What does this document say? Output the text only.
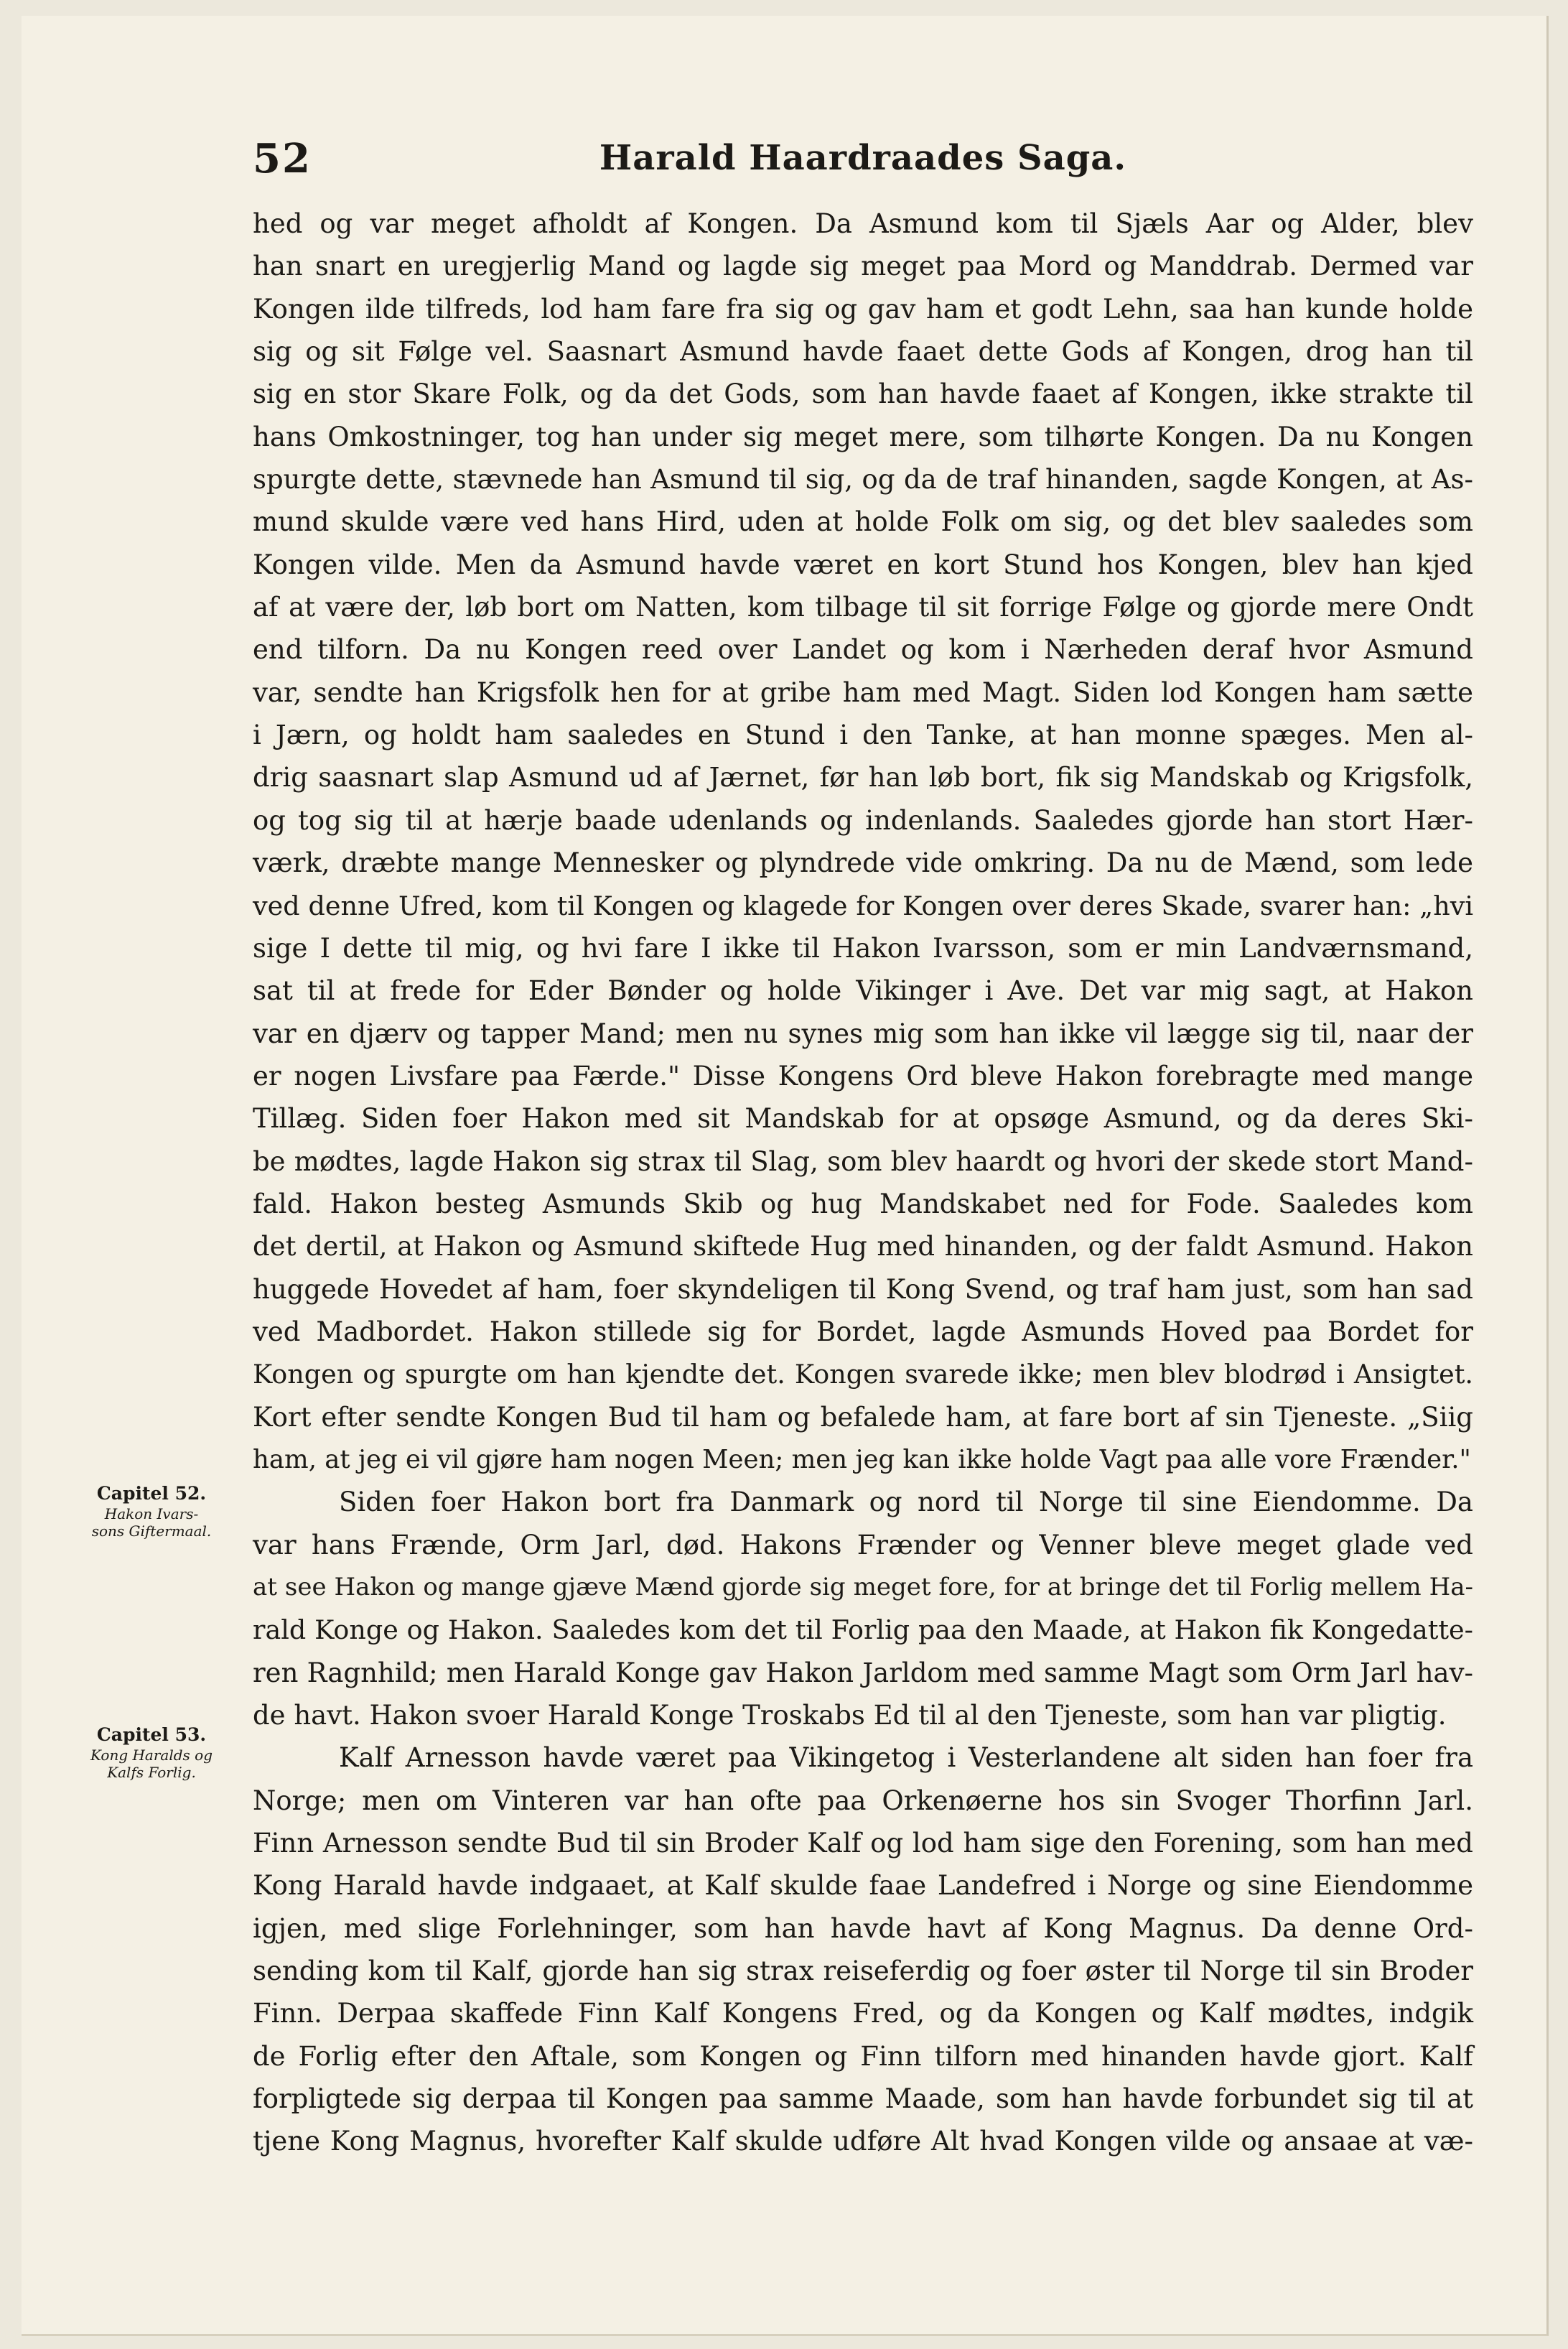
52	Harald Haardraades Saga.
Capitel 52.
Hakon Ivars-
sons Giftermaal.
Capitel 53.
Kong Haralds og
Kalfs Forlig.
hed og var meget afholdt af Kongen. Da Asmund kom til Sjæls Aar og Alder, blev
han snart en uregjerlig Mand og lagde sig meget paa Mord og Manddrab. Dermed var
Kongen ilde tilfreds, lod ham fare fra sig og gav ham et godt Lehn, saa han kunde holde
sig og sit Følge vel. Saasnart Asmund havde faaet dette Gods af Kongen, drog han til
sig en stor Skare Folk, og da det Gods, som han havde faaet af Kongen, ikke strakte til
hans Omkostninger, tog han under sig meget mere, som tilhørte Kongen. Da nu Kongen
spurgte dette, stævnede han Asmund til sig, og da de traf hinanden, sagde Kongen, at As-
mund skulde være ved hans Hird, uden at holde Folk om sig, og det blev saaledes som
Kongen vilde. Men da Asmund havde været en kort Stund hos Kongen, blev han kjed
af at være der, løb bort om Natten, kom tilbage til sit forrige Følge og gjorde mere Ondt
end tilforn. Da nu Kongen reed over Landet og kom i Nærheden deraf hvor Asmund
var, sendte han Krigsfolk hen for at gribe ham med Magt. Siden lod Kongen ham sætte
i Jærn, og holdt ham saaledes en Stund i den Tanke, at han monne spæges. Men al-
drig saasnart slap Asmund ud af Jærnet, før han løb bort, fik sig Mandskab og Krigsfolk,
og tog sig til at hærje baade udenlands og indenlands. Saaledes gjorde han stort Hær-
værk, dræbte mange Mennesker og plyndrede vide omkring. Da nu de Mænd, som lede
ved denne Ufred, kom til Kongen og klagede for Kongen over deres Skade, svarer han: „hvi
sige I dette til mig, og hvi fare I ikke til Hakon Ivarsson, som er min Landværnsmand,
sat til at frede for Eder Bønder og holde Vikinger i Ave. Det var mig sagt, at Hakon
var en djærv og tapper Mand; men nu synes mig som han ikke vil lægge sig til, naar der
er nogen Livsfare paa Færde." Disse Kongens Ord bleve Hakon forebragte med mange
Tillæg. Siden foer Hakon med sit Mandskab for at opsøge Asmund, og da deres Ski-
be mødtes, lagde Hakon sig strax til Slag, som blev haardt og hvori der skede stort Mand-
fald. Hakon besteg Asmunds Skib og hug Mandskabet ned for Fode. Saaledes kom
det dertil, at Hakon og Asmund skiftede Hug med hinanden, og der faldt Asmund. Hakon
huggede Hovedet af ham, foer skyndeligen til Kong Svend, og traf ham just, som han sad
ved Madbordet. Hakon stillede sig for Bordet, lagde Asmunds Hoved paa Bordet for
Kongen og spurgte om han kjendte det. Kongen svarede ikke; men blev blodrød i Ansigtet.
Kort efter sendte Kongen Bud til ham og befalede ham, at fare bort af sin Tjeneste. „Siig
ham, at jeg ei vil gjøre ham nogen Meen; men jeg kan ikke holde Vagt paa alle vore Frænder."
Siden foer Hakon bort fra Danmark og nord til Norge til sine Eiendomme. Da
var hans Frænde, Orm Jarl, død. Hakons Frænder og Venner bleve meget glade ved
at see Hakon og mange gjæve Mænd gjorde sig meget fore, for at bringe det til Forlig mellem Ha-
rald Konge og Hakon. Saaledes kom det til Forlig paa den Maade, at Hakon fik Kongedatte-
ren Ragnhild; men Harald Konge gav Hakon Jarldom med samme Magt som Orm Jarl hav-
de havt. Hakon svoer Harald Konge Troskabs Ed til al den Tjeneste, som han var pligtig.
Kalf Arnesson havde været paa Vikingetog i Vesterlandene alt siden han foer fra
Norge; men om Vinteren var han ofte paa Orkenøerne hos sin Svoger Thorfinn Jarl.
Finn Arnesson sendte Bud til sin Broder Kalf og lod ham sige den Forening, som han med
Kong Harald havde indgaaet, at Kalf skulde faae Landefred i Norge og sine Eiendomme
igjen, med slige Forlehninger, som han havde havt af Kong Magnus. Da denne Ord-
sending kom til Kalf, gjorde han sig strax reiseferdig og foer øster til Norge til sin Broder
Finn. Derpaa skaffede Finn Kalf Kongens Fred, og da Kongen og Kalf mødtes, indgik
de Forlig efter den Aftale, som Kongen og Finn tilforn med hinanden havde gjort. Kalf
forpligtede sig derpaa til Kongen paa samme Maade, som han havde forbundet sig til at
tjene Kong Magnus, hvorefter Kalf skulde udføre Alt hvad Kongen vilde og ansaae at væ-
